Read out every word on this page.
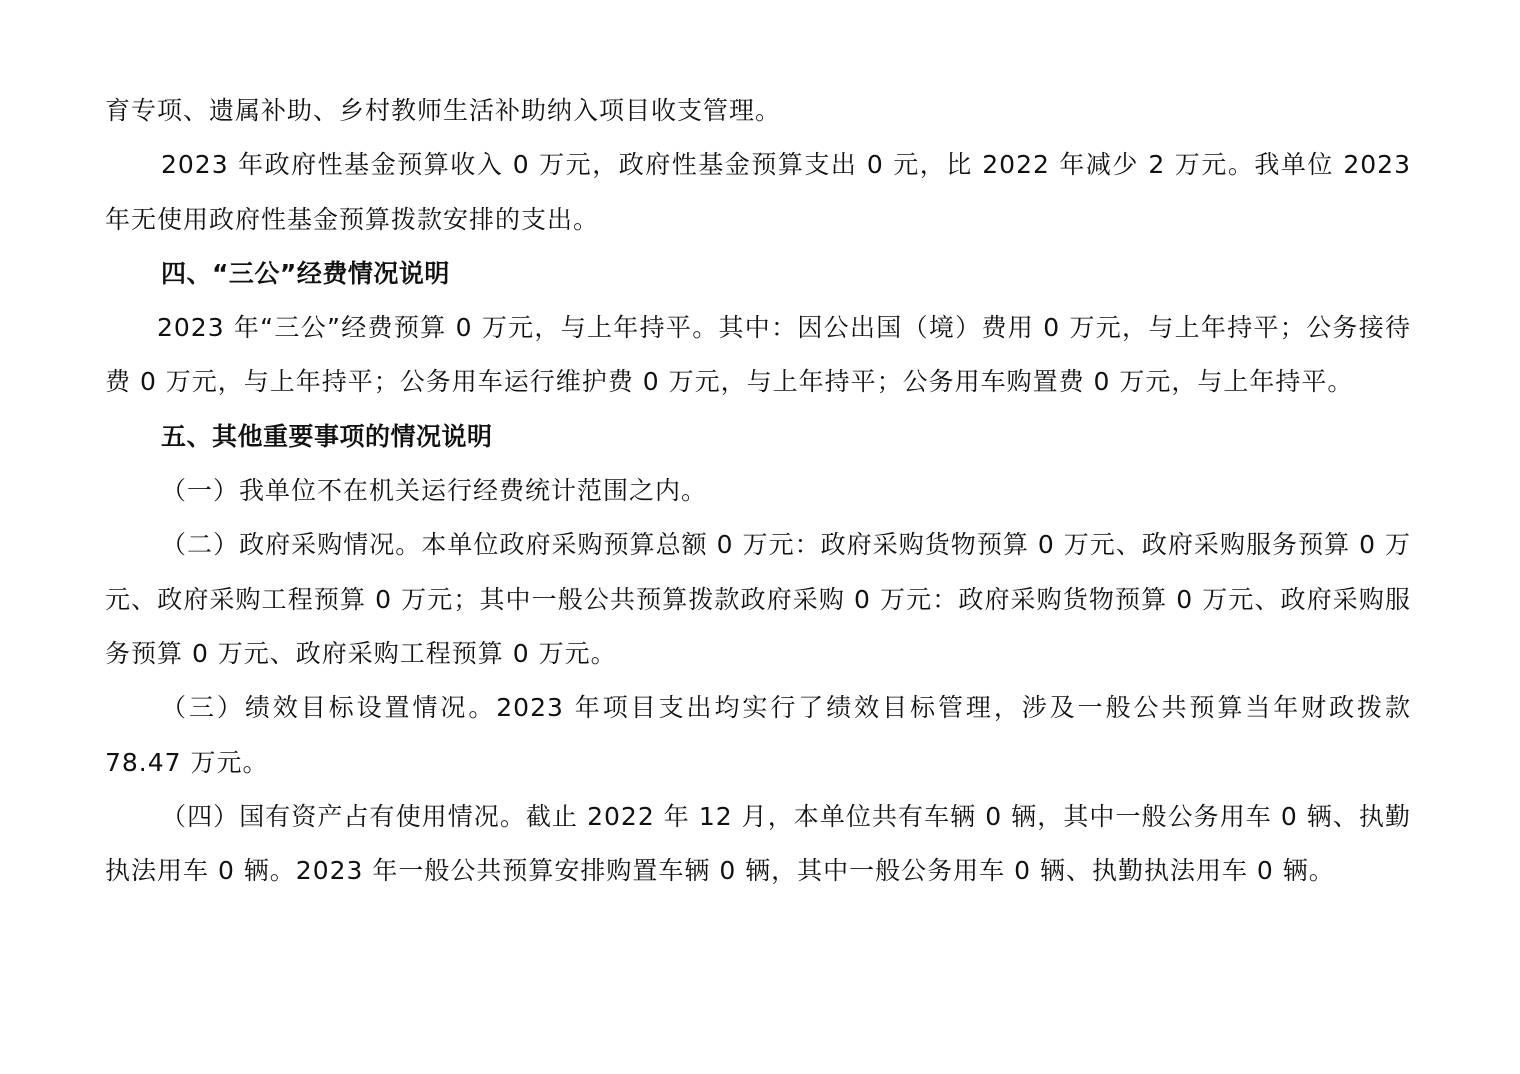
育专项、遗属补助、乡村教师生活补助纳入项目收支管理。

2023 年政府性基金预算收入 0 万元，政府性基金预算支出 0 元，比 2022 年减少 2 万元。我单位 2023 年无使用政府性基金预算拨款安排的支出。

四、“三公”经费情况说明

2023 年“三公”经费预算 0 万元，与上年持平。其中：因公出国（境）费用 0 万元，与上年持平；公务接待费 0 万元，与上年持平；公务用车运行维护费 0 万元，与上年持平；公务用车购置费 0 万元，与上年持平。

五、其他重要事项的情况说明

（一）我单位不在机关运行经费统计范围之内。

（二）政府采购情况。本单位政府采购预算总额 0 万元：政府采购货物预算 0 万元、政府采购服务预算 0 万元、政府采购工程预算 0 万元；其中一般公共预算拨款政府采购 0 万元：政府采购货物预算 0 万元、政府采购服务预算 0 万元、政府采购工程预算 0 万元。

（三）绩效目标设置情况。2023 年项目支出均实行了绩效目标管理，涉及一般公共预算当年财政拨款 78.47 万元。

（四）国有资产占有使用情况。截止 2022 年 12 月，本单位共有车辆 0 辆，其中一般公务用车 0 辆、执勤执法用车 0 辆。2023 年一般公共预算安排购置车辆 0 辆，其中一般公务用车 0 辆、执勤执法用车 0 辆。
